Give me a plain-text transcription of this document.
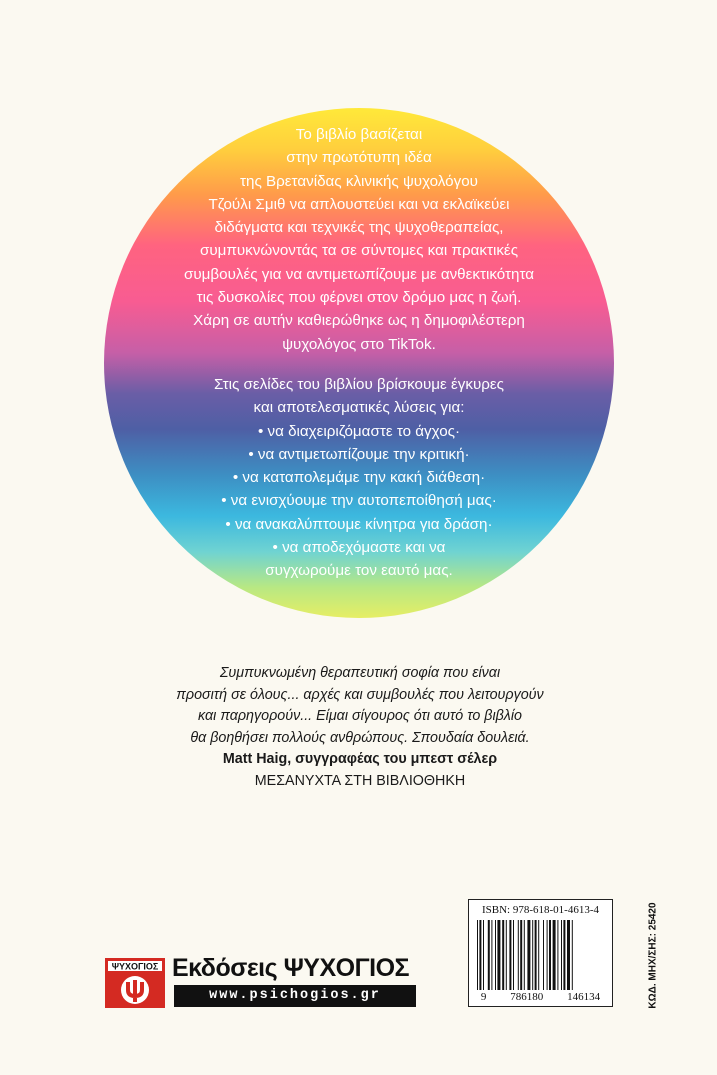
Το βιβλίο βασίζεται
στην πρωτότυπη ιδέα
της Βρετανίδας κλινικής ψυχολόγου
Τζούλι Σμιθ να απλουστεύει και να εκλαϊκεύει
διδάγματα και τεχνικές της ψυχοθεραπείας,
συμπυκνώνοντάς τα σε σύντομες και πρακτικές
συμβουλές για να αντιμετωπίζουμε με ανθεκτικότητα
τις δυσκολίες που φέρνει στον δρόμο μας η ζωή.
Χάρη σε αυτήν καθιερώθηκε ως η δημοφιλέστερη
ψυχολόγος στο TikTok.

Στις σελίδες του βιβλίου βρίσκουμε έγκυρες
και αποτελεσματικές λύσεις για:
• να διαχειριζόμαστε το άγχος·
• να αντιμετωπίζουμε την κριτική·
• να καταπολεμάμε την κακή διάθεση·
• να ενισχύουμε την αυτοπεποίθησή μας·
• να ανακαλύπτουμε κίνητρα για δράση·
• να αποδεχόμαστε και να
συγχωρούμε τον εαυτό μας.

Συμπυκνωμένη θεραπευτική σοφία που είναι
προσιτή σε όλους... αρχές και συμβουλές που λειτουργούν
και παρηγορούν... Είμαι σίγουρος ότι αυτό το βιβλίο
θα βοηθήσει πολλούς ανθρώπους. Σπουδαία δουλειά.
Matt Haig, συγγραφέας του μπεστ σέλερ
ΜΕΣΑΝΥΧΤΑ ΣΤΗ ΒΙΒΛΙΟΘΗΚΗ
ISBN: 978-618-01-4613-4
9 786180 146134	ΚΩΔ. ΜΗΧ/ΣΗΣ: 25420
ΨΥΧΟΓΙΟΣ Εκδόσεις ΨΥΧΟΓΙΟΣ
www.psichogios.gr
